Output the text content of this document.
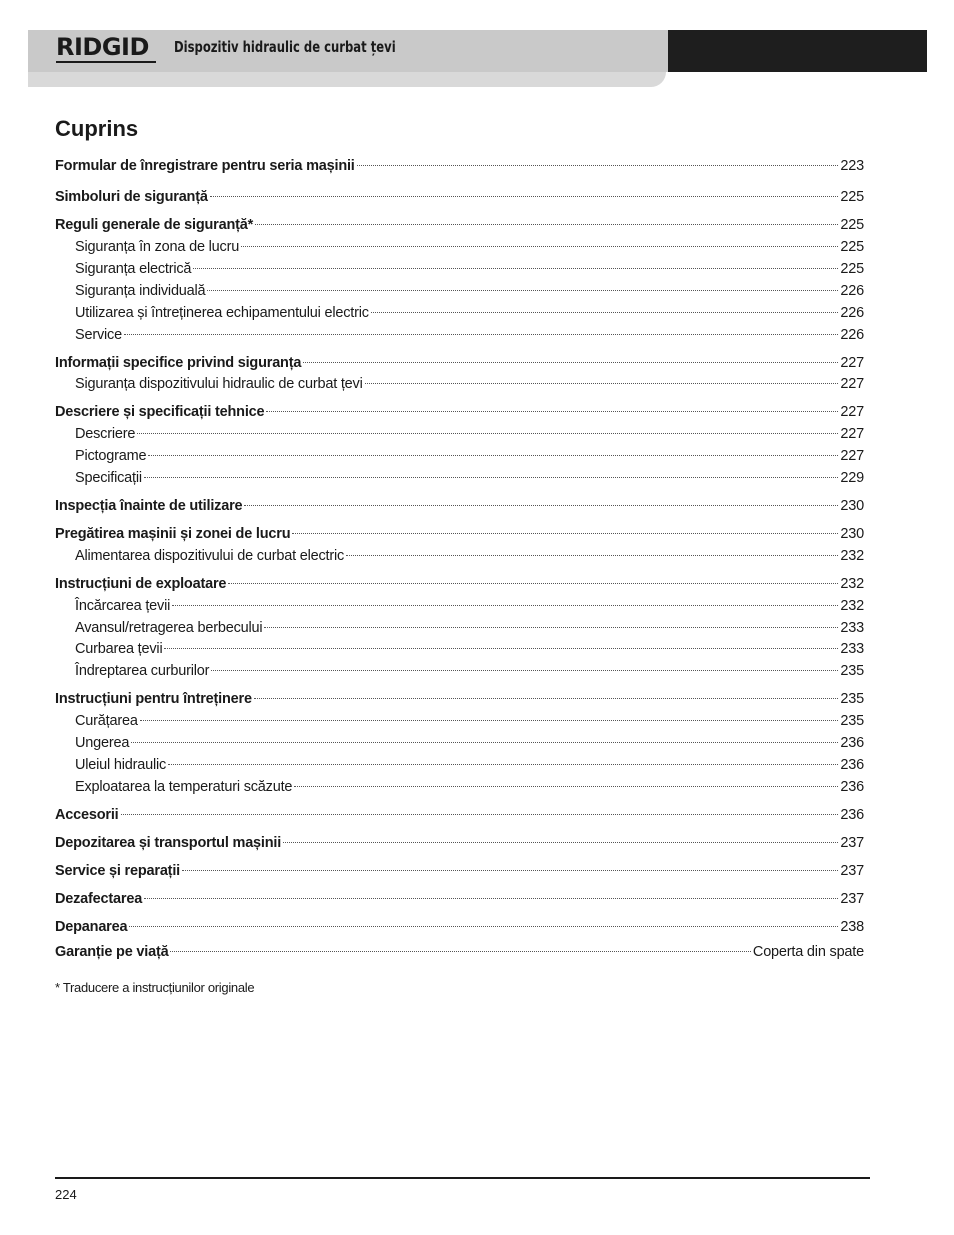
RIDGID	Dispozitiv hidraulic de curbat țevi
Cuprins
Formular de înregistrare pentru seria mașinii	223
Simboluri de siguranță	225
Reguli generale de siguranță*	225
Siguranța în zona de lucru	225
Siguranța electrică	225
Siguranța individuală	226
Utilizarea și întreținerea echipamentului electric	226
Service	226
Informații specifice privind siguranța	227
Siguranța dispozitivului hidraulic de curbat țevi	227
Descriere și specificații tehnice	227
Descriere	227
Pictograme	227
Specificații	229
Inspecția înainte de utilizare	230
Pregătirea mașinii și zonei de lucru	230
Alimentarea dispozitivului de curbat electric	232
Instrucțiuni de exploatare	232
Încărcarea țevii	232
Avansul/retragerea berbecului	233
Curbarea țevii	233
Îndreptarea curburilor	235
Instrucțiuni pentru întreținere	235
Curățarea	235
Ungerea	236
Uleiul hidraulic	236
Exploatarea la temperaturi scăzute	236
Accesorii	236
Depozitarea și transportul mașinii	237
Service și reparații	237
Dezafectarea	237
Depanarea	238
Garanție pe viață	Coperta din spate
* Traducere a instrucțiunilor originale
224
